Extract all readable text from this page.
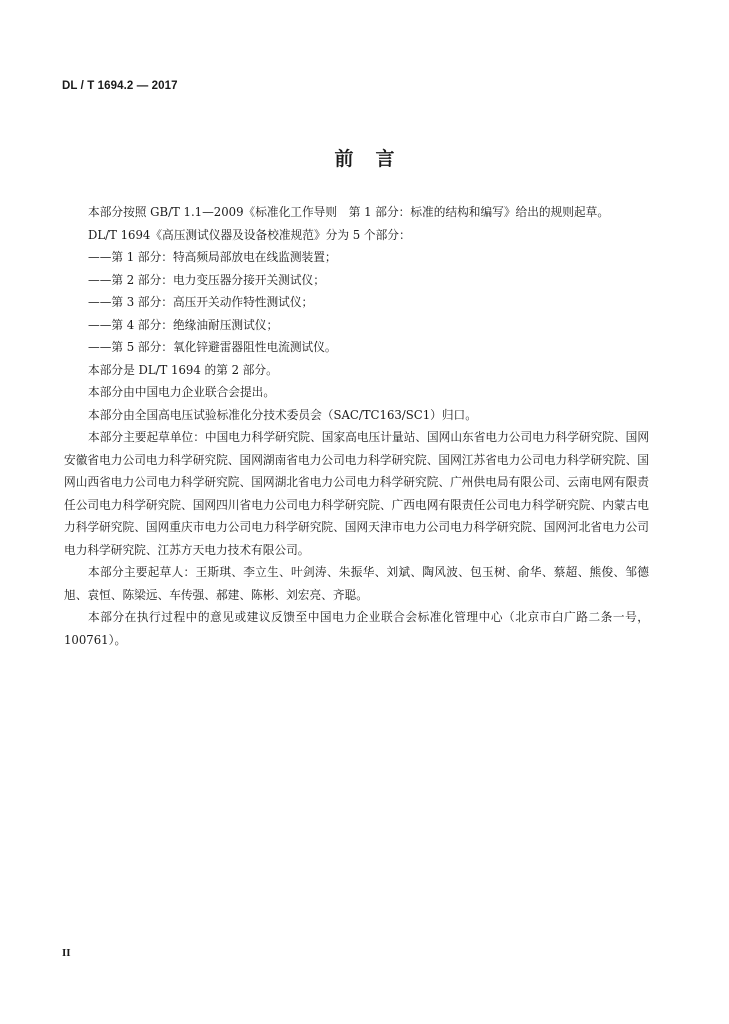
DL / T 1694.2 — 2017
前言

本部分按照 GB/T 1.1—2009《标准化工作导则　第 1 部分：标准的结构和编写》给出的规则起草。

DL/T 1694《高压测试仪器及设备校准规范》分为 5 个部分：

——第 1 部分：特高频局部放电在线监测装置；

——第 2 部分：电力变压器分接开关测试仪；

——第 3 部分：高压开关动作特性测试仪；

——第 4 部分：绝缘油耐压测试仪；

——第 5 部分：氧化锌避雷器阻性电流测试仪。

本部分是 DL/T 1694 的第 2 部分。

本部分由中国电力企业联合会提出。

本部分由全国高电压试验标准化分技术委员会（SAC/TC163/SC1）归口。

本部分主要起草单位：中国电力科学研究院、国家高电压计量站、国网山东省电力公司电力科学研究院、国网安徽省电力公司电力科学研究院、国网湖南省电力公司电力科学研究院、国网江苏省电力公司电力科学研究院、国网山西省电力公司电力科学研究院、国网湖北省电力公司电力科学研究院、广州供电局有限公司、云南电网有限责任公司电力科学研究院、国网四川省电力公司电力科学研究院、广西电网有限责任公司电力科学研究院、内蒙古电力科学研究院、国网重庆市电力公司电力科学研究院、国网天津市电力公司电力科学研究院、国网河北省电力公司电力科学研究院、江苏方天电力技术有限公司。

本部分主要起草人：王斯琪、李立生、叶剑涛、朱振华、刘斌、陶风波、包玉树、俞华、蔡超、熊俊、邹德旭、袁恒、陈梁远、车传强、郝建、陈彬、刘宏亮、齐聪。

本部分在执行过程中的意见或建议反馈至中国电力企业联合会标准化管理中心（北京市白广路二条一号，100761）。

II
